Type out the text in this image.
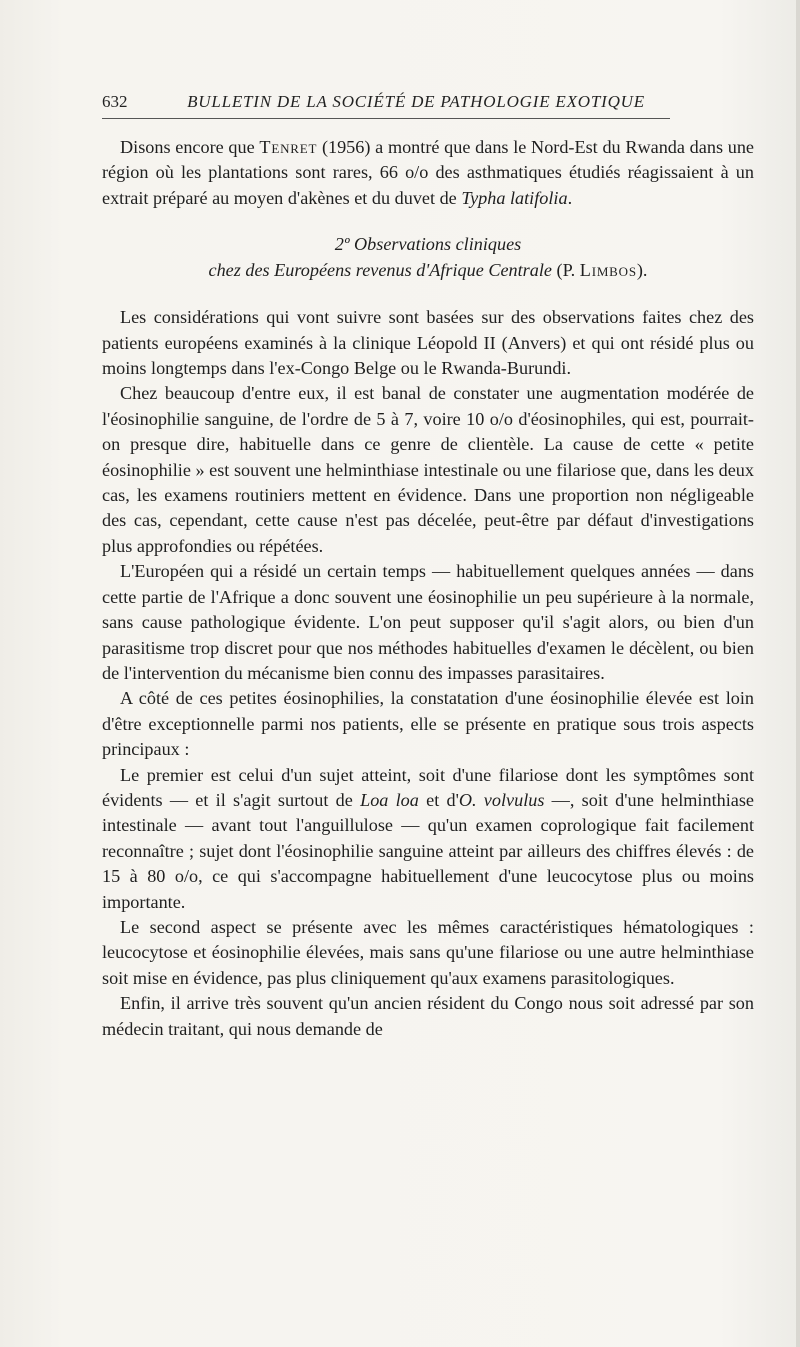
632	BULLETIN DE LA SOCIÉTÉ DE PATHOLOGIE EXOTIQUE

Disons encore que Tenret (1956) a montré que dans le Nord-Est du Rwanda dans une région où les plantations sont rares, 66 o/o des asthmatiques étudiés réagissaient à un extrait préparé au moyen d'akènes et du duvet de Typha latifolia.

2º Observations cliniques
chez des Européens revenus d'Afrique Centrale (P. Limbos).

Les considérations qui vont suivre sont basées sur des observations faites chez des patients européens examinés à la clinique Léopold II (Anvers) et qui ont résidé plus ou moins longtemps dans l'ex-Congo Belge ou le Rwanda-Burundi.

Chez beaucoup d'entre eux, il est banal de constater une augmentation modérée de l'éosinophilie sanguine, de l'ordre de 5 à 7, voire 10 o/o d'éosinophiles, qui est, pourrait-on presque dire, habituelle dans ce genre de clientèle. La cause de cette « petite éosinophilie » est souvent une helminthiase intestinale ou une filariose que, dans les deux cas, les examens routiniers mettent en évidence. Dans une proportion non négligeable des cas, cependant, cette cause n'est pas décelée, peut-être par défaut d'investigations plus approfondies ou répétées.

L'Européen qui a résidé un certain temps — habituellement quelques années — dans cette partie de l'Afrique a donc souvent une éosinophilie un peu supérieure à la normale, sans cause pathologique évidente. L'on peut supposer qu'il s'agit alors, ou bien d'un parasitisme trop discret pour que nos méthodes habituelles d'examen le décèlent, ou bien de l'intervention du mécanisme bien connu des impasses parasitaires.

A côté de ces petites éosinophilies, la constatation d'une éosinophilie élevée est loin d'être exceptionnelle parmi nos patients, elle se présente en pratique sous trois aspects principaux :

Le premier est celui d'un sujet atteint, soit d'une filariose dont les symptômes sont évidents — et il s'agit surtout de Loa loa et d'O. volvulus —, soit d'une helminthiase intestinale — avant tout l'anguillulose — qu'un examen coprologique fait facilement reconnaître ; sujet dont l'éosinophilie sanguine atteint par ailleurs des chiffres élevés : de 15 à 80 o/o, ce qui s'accompagne habituellement d'une leucocytose plus ou moins importante.

Le second aspect se présente avec les mêmes caractéristiques hématologiques : leucocytose et éosinophilie élevées, mais sans qu'une filariose ou une autre helminthiase soit mise en évidence, pas plus cliniquement qu'aux examens parasitologiques.

Enfin, il arrive très souvent qu'un ancien résident du Congo nous soit adressé par son médecin traitant, qui nous demande de
